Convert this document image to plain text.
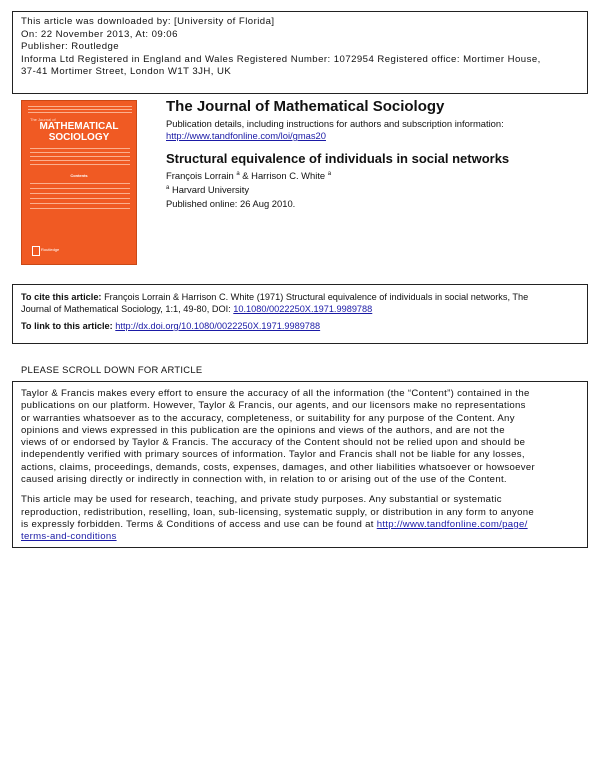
This article was downloaded by: [University of Florida]
On: 22 November 2013, At: 09:06
Publisher: Routledge
Informa Ltd Registered in England and Wales Registered Number: 1072954 Registered office: Mortimer House,
37-41 Mortimer Street, London W1T 3JH, UK
The Journal of
MATHEMATICAL
SOCIOLOGY
Contents
Routledge
The Journal of Mathematical Sociology
Publication details, including instructions for authors and subscription information:
http://www.tandfonline.com/loi/gmas20
Structural equivalence of individuals in social networks
François Lorrain $^a$ & Harrison C. White $^a$
$^a$ Harvard University
Published online: 26 Aug 2010.
To cite this article: François Lorrain & Harrison C. White (1971) Structural equivalence of individuals in social networks, The
Journal of Mathematical Sociology, 1:1, 49-80, DOI: 10.1080/0022250X.1971.9989788
To link to this article: http://dx.doi.org/10.1080/0022250X.1971.9989788
PLEASE SCROLL DOWN FOR ARTICLE
Taylor & Francis makes every effort to ensure the accuracy of all the information (the “Content”) contained in the
publications on our platform. However, Taylor & Francis, our agents, and our licensors make no representations
or warranties whatsoever as to the accuracy, completeness, or suitability for any purpose of the Content. Any
opinions and views expressed in this publication are the opinions and views of the authors, and are not the
views of or endorsed by Taylor & Francis. The accuracy of the Content should not be relied upon and should be
independently verified with primary sources of information. Taylor and Francis shall not be liable for any losses,
actions, claims, proceedings, demands, costs, expenses, damages, and other liabilities whatsoever or howsoever
caused arising directly or indirectly in connection with, in relation to or arising out of the use of the Content.
This article may be used for research, teaching, and private study purposes. Any substantial or systematic
reproduction, redistribution, reselling, loan, sub-licensing, systematic supply, or distribution in any form to anyone
is expressly forbidden. Terms & Conditions of access and use can be found at http://www.tandfonline.com/page/
terms-and-conditions
